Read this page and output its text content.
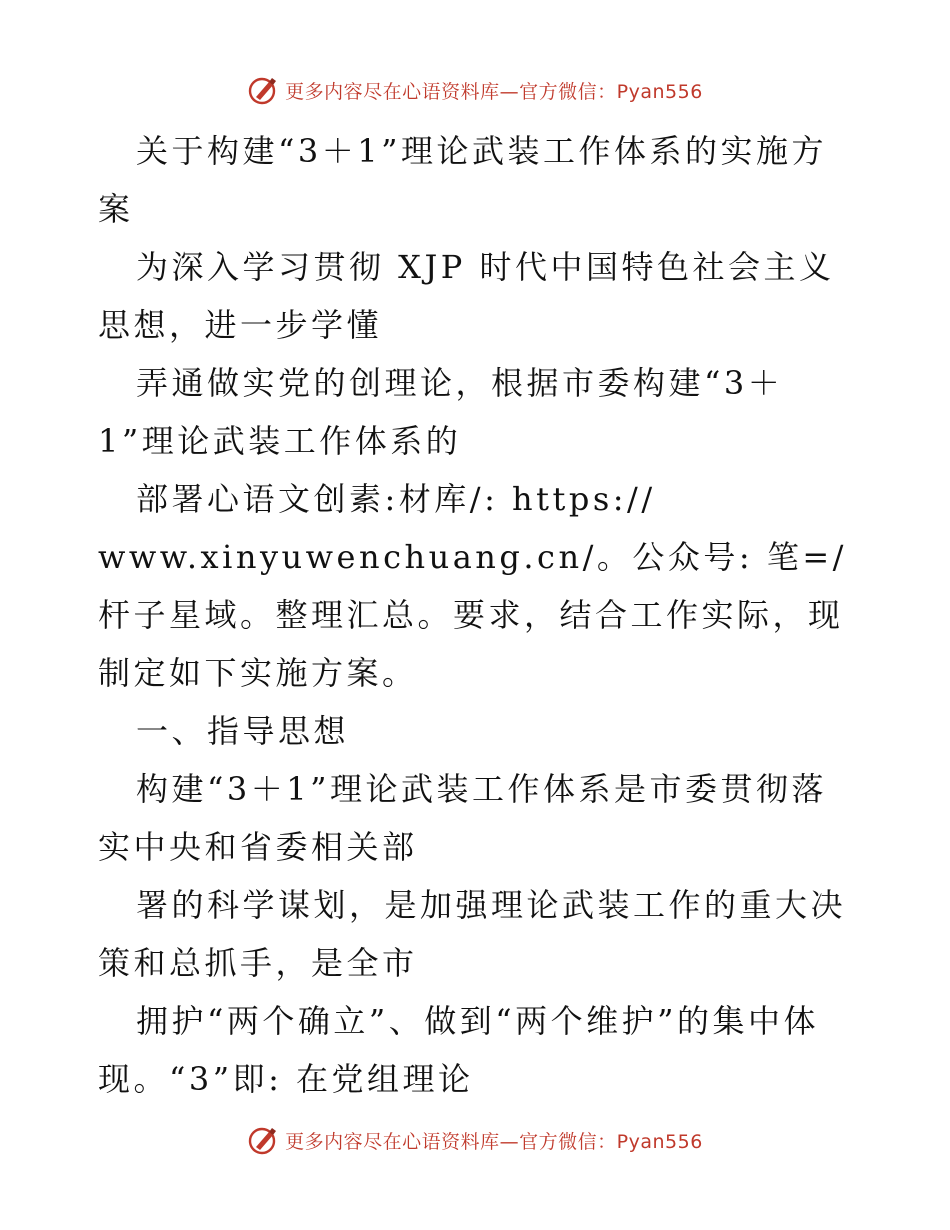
更多内容尽在心语资料库—官方微信：Pyan556

关于构建“3＋1”理论武装工作体系的实施方案

为深入学习贯彻 XJP 时代中国特色社会主义思想，进一步学懂

弄通做实党的创理论，根据市委构建“3＋1”理论武装工作体系的

部署心语文创素:材库/: https://

www.xinyuwenchuang.cn/。公众号: 笔=/杆子星域。整理汇总。要求，结合工作实际，现制定如下实施方案。

一、指导思想

构建“3＋1”理论武装工作体系是市委贯彻落实中央和省委相关部

署的科学谋划，是加强理论武装工作的重大决策和总抓手，是全市

拥护“两个确立”、做到“两个维护”的集中体现。“3”即: 在党组理论

更多内容尽在心语资料库—官方微信：Pyan556
